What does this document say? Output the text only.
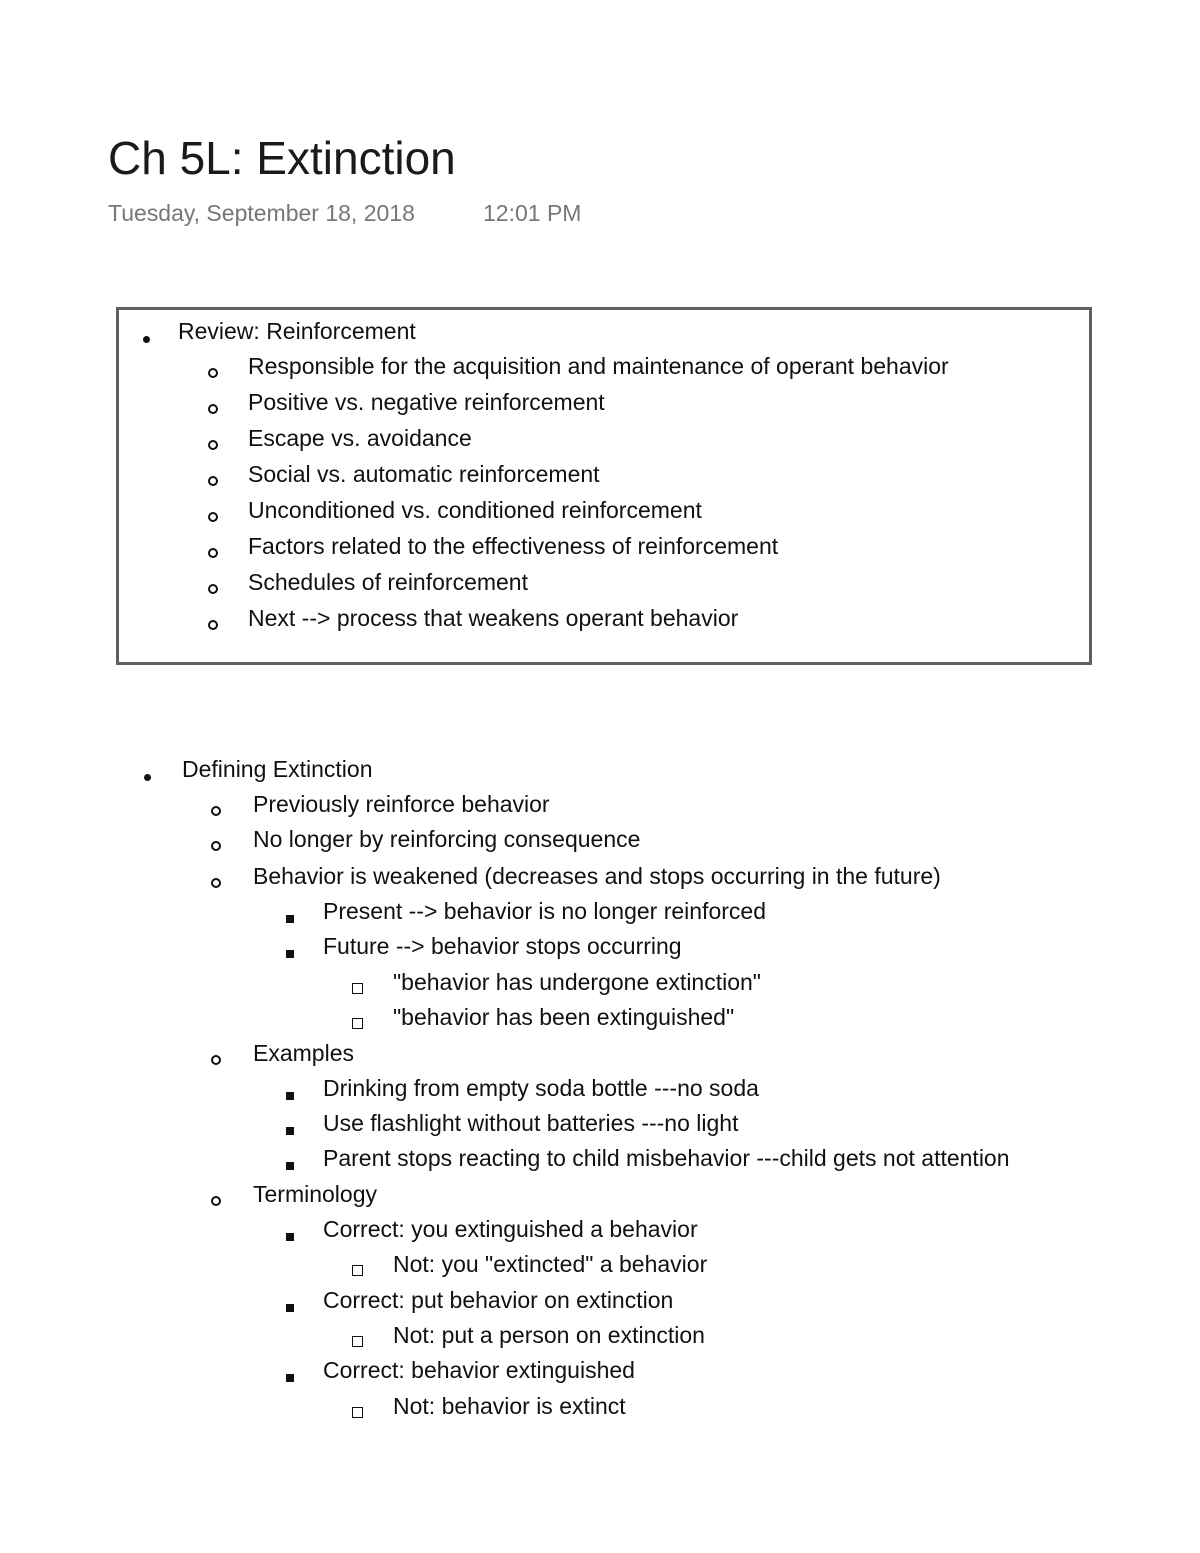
Ch 5L: Extinction
Tuesday, September 18, 2018	12:01 PM
Review: Reinforcement
Responsible for the acquisition and maintenance of operant behavior
Positive vs. negative reinforcement
Escape vs. avoidance
Social vs. automatic reinforcement
Unconditioned vs. conditioned reinforcement
Factors related to the effectiveness of reinforcement
Schedules of reinforcement
Next --> process that weakens operant behavior
Defining Extinction
Previously reinforce behavior
No longer by reinforcing consequence
Behavior is weakened (decreases and stops occurring in the future)
Present --> behavior is no longer reinforced
Future --> behavior stops occurring
"behavior has undergone extinction"
"behavior has been extinguished"
Examples
Drinking from empty soda bottle ---no soda
Use flashlight without batteries ---no light
Parent stops reacting to child misbehavior ---child gets not attention
Terminology
Correct: you extinguished a behavior
Not: you "extincted" a behavior
Correct: put behavior on extinction
Not: put a person on extinction
Correct: behavior extinguished
Not: behavior is extinct
